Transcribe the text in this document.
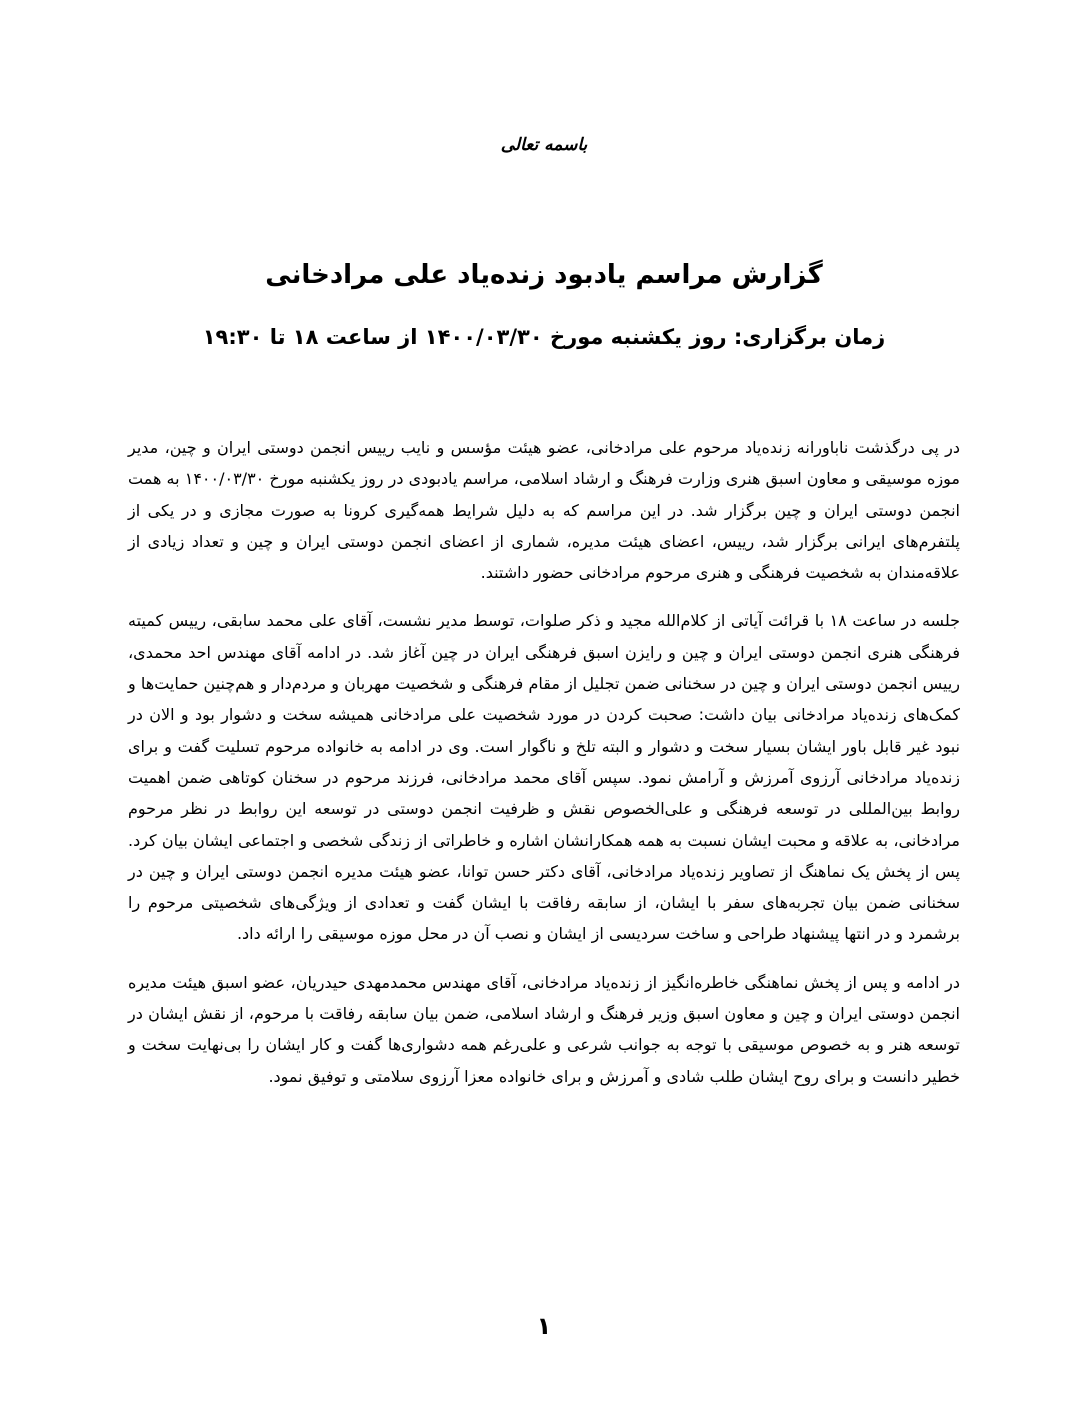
باسمه تعالی
گزارش مراسم یادبود زنده‌یاد علی مرادخانی
زمان برگزاری: روز یکشنبه مورخ ۱۴۰۰/۰۳/۳۰ از ساعت ۱۸ تا ۱۹:۳۰

در پی درگذشت ناباورانه زنده‌یاد مرحوم علی مرادخانی، عضو هیئت مؤسس و نایب رییس انجمن دوستی ایران و چین، مدیر موزه موسیقی و معاون اسبق هنری وزارت فرهنگ و ارشاد اسلامی، مراسم یادبودی در روز یکشنبه مورخ ۱۴۰۰/۰۳/۳۰ به همت انجمن دوستی ایران و چین برگزار شد. در این مراسم که به دلیل شرایط همه‌گیری کرونا به صورت مجازی و در یکی از پلتفرم‌های ایرانی برگزار شد، رییس، اعضای هیئت مدیره، شماری از اعضای انجمن دوستی ایران و چین و تعداد زیادی از علاقه‌مندان به شخصیت فرهنگی و هنری مرحوم مرادخانی حضور داشتند.

جلسه در ساعت ۱۸ با قرائت آیاتی از کلام‌الله مجید و ذکر صلوات، توسط مدیر نشست، آقای علی محمد سابقی، رییس کمیته فرهنگی هنری انجمن دوستی ایران و چین و رایزن اسبق فرهنگی ایران در چین آغاز شد. در ادامه آقای مهندس احد محمدی، رییس انجمن دوستی ایران و چین در سخنانی ضمن تجلیل از مقام فرهنگی و شخصیت مهربان و مردم‌دار و هم‌چنین حمایت‌ها و کمک‌های زنده‌یاد مرادخانی بیان داشت: صحبت کردن در مورد شخصیت علی مرادخانی همیشه سخت و دشوار بود و الان در نبود غیر قابل باور ایشان بسیار سخت و دشوار و البته تلخ و ناگوار است. وی در ادامه به خانواده مرحوم تسلیت گفت و برای زنده‌یاد مرادخانی آرزوی آمرزش و آرامش نمود. سپس آقای محمد مرادخانی، فرزند مرحوم در سخنان کوتاهی ضمن اهمیت روابط بین‌المللی در توسعه فرهنگی و علی‌الخصوص نقش و ظرفیت انجمن دوستی در توسعه این روابط در نظر مرحوم مرادخانی، به علاقه و محبت ایشان نسبت به همه همکارانشان اشاره و خاطراتی از زندگی شخصی و اجتماعی ایشان بیان کرد. پس از پخش یک نماهنگ از تصاویر زنده‌یاد مرادخانی، آقای دکتر حسن توانا، عضو هیئت مدیره انجمن دوستی ایران و چین در سخنانی ضمن بیان تجربه‌های سفر با ایشان، از سابقه رفاقت با ایشان گفت و تعدادی از ویژگی‌های شخصیتی مرحوم را برشمرد و در انتها پیشنهاد طراحی و ساخت سردیسی از ایشان و نصب آن در محل موزه موسیقی را ارائه داد.

در ادامه و پس از پخش نماهنگی خاطره‌انگیز از زنده‌یاد مرادخانی، آقای مهندس محمدمهدی حیدریان، عضو اسبق هیئت مدیره انجمن دوستی ایران و چین و معاون اسبق وزیر فرهنگ و ارشاد اسلامی، ضمن بیان سابقه رفاقت با مرحوم، از نقش ایشان در توسعه هنر و به خصوص موسیقی با توجه به جوانب شرعی و علی‌رغم همه دشواری‌ها گفت و کار ایشان را بی‌نهایت سخت و خطیر دانست و برای روح ایشان طلب شادی و آمرزش و برای خانواده معزا آرزوی سلامتی و توفیق نمود.

۱
